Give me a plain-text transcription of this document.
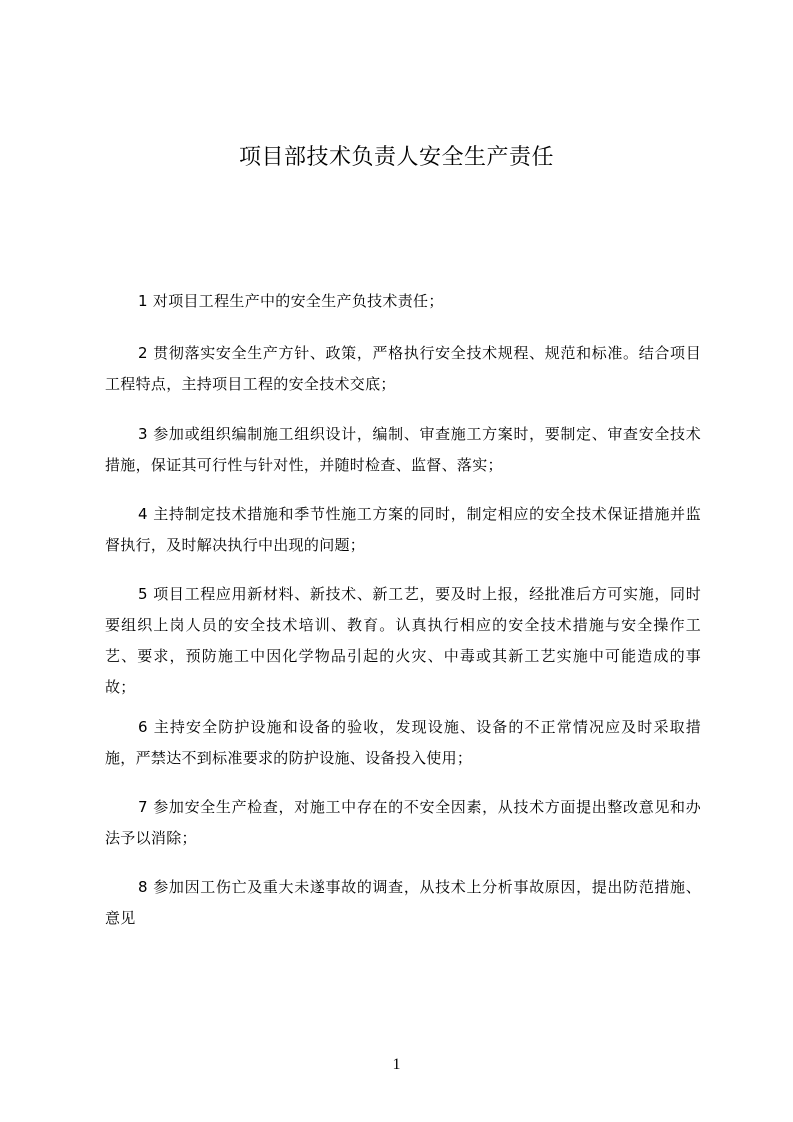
项目部技术负责人安全生产责任

1 对项目工程生产中的安全生产负技术责任；

2 贯彻落实安全生产方针、政策，严格执行安全技术规程、规范和标准。结合项目工程特点，主持项目工程的安全技术交底；

3 参加或组织编制施工组织设计，编制、审查施工方案时，要制定、审查安全技术措施，保证其可行性与针对性，并随时检查、监督、落实；

4 主持制定技术措施和季节性施工方案的同时，制定相应的安全技术保证措施并监督执行，及时解决执行中出现的问题；

5 项目工程应用新材料、新技术、新工艺，要及时上报，经批准后方可实施，同时要组织上岗人员的安全技术培训、教育。认真执行相应的安全技术措施与安全操作工艺、要求，预防施工中因化学物品引起的火灾、中毒或其新工艺实施中可能造成的事故；

6 主持安全防护设施和设备的验收，发现设施、设备的不正常情况应及时采取措施，严禁达不到标准要求的防护设施、设备投入使用；

7 参加安全生产检查，对施工中存在的不安全因素，从技术方面提出整改意见和办法予以消除；

8 参加因工伤亡及重大未遂事故的调查，从技术上分析事故原因，提出防范措施、意见

1
